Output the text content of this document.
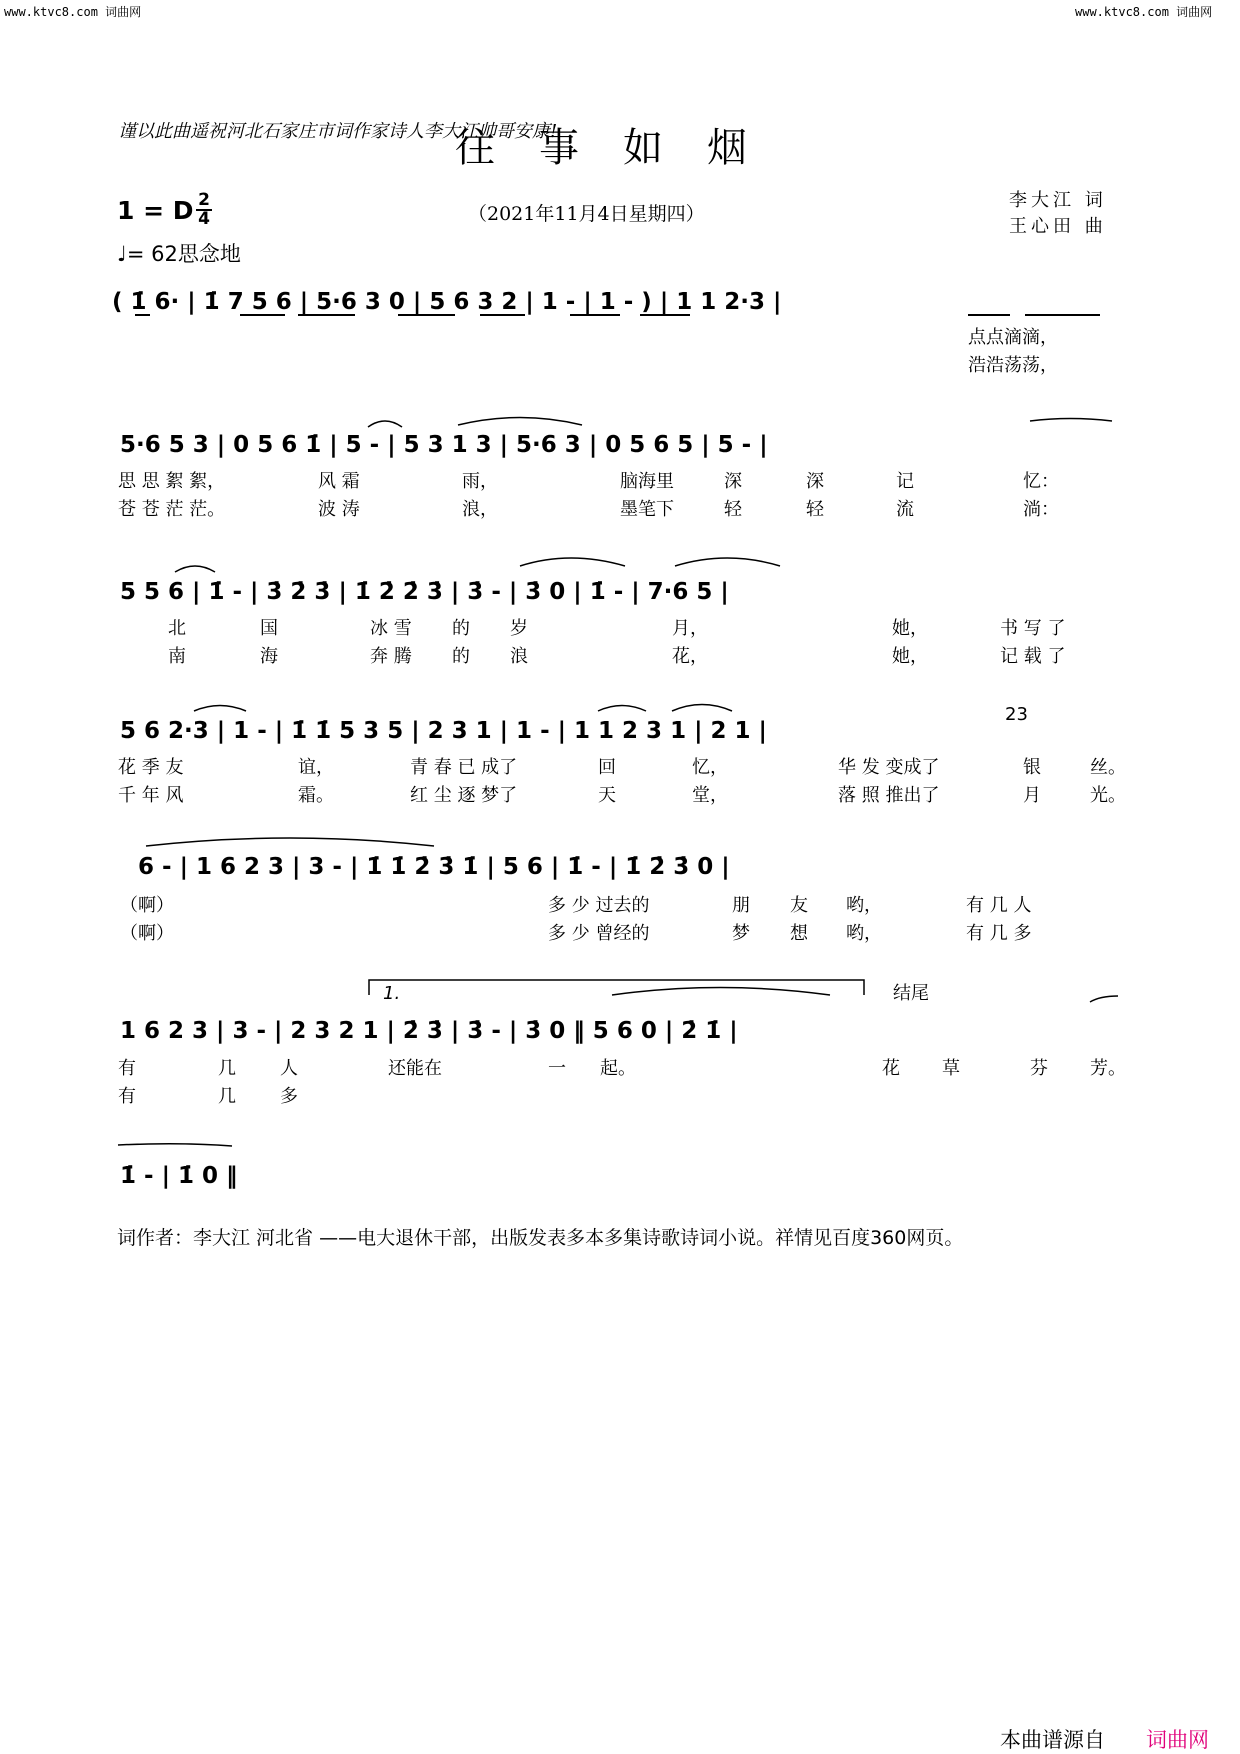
www.ktvc8.com 词曲网	www.ktvc8.com 词曲网
谨以此曲遥祝河北石家庄市词作家诗人李大江帅哥安康!
往事如烟
1 = D 2
4
♩= 62思念地
（2021年11月4日星期四）
李大江 词
王心田 曲
( 1̇ 6· | 1̇ 7 5 6 | 5·6 3 0 | 5 6 3 2 | 1 - | 1 - ) | 1 1 2·3 |
点点滴滴，
浩浩荡荡，
5·6 5 3 | 0 5 6 1̇ | 5 - | 5 3 1 3 | 5·6 3 | 0 5 6 5 | 5 - |
思 思 絮 絮，	风 霜	雨，	脑海里	深	深	记	忆：
苍 苍 茫 茫。	波 涛	浪，	墨笔下	轻	轻	流	淌：
5 5 6 | 1̇ - | 3̇ 2̇ 3̇ | 1̇ 2̇ 2̇ 3̇ | 3̇ - | 3̇ 0 | 1̇ - | 7·6 5 |
北	国	冰 雪 的 岁	月，	她，	书 写 了
南	海	奔 腾 的 浪	花，	她，	记 载 了
5 6 2·3 | 1 - | 1̇ 1̇ 5 3 5 | 2 3 1 | 1 - | 1 1 2 3 1 | 2 1 |
23
花 季 友	谊，	青 春 已 成了	回	忆，	华 发 变成了	银	丝。
千 年 风	霜。	红 尘 逐 梦了	天	堂，	落 照 推出了	月	光。
6 - | 1 6 2 3 | 3 - | 1̇ 1̇ 2̇ 3̇ 1̇ | 5 6 | 1̇ - | 1̇ 2̇ 3̇ 0 |
（啊）	多 少 过去的	朋 友 哟，	有 几 人
（啊）	多 少 曾经的	梦 想 哟，	有 几 多
1.	结尾
1 6 2 3 | 3 - | 2 3 2 1 | 2̇ 3̇ | 3̇ - | 3̇ 0 ‖ 5 6 0 | 2̇ 1̇ |
有	几 人	还能在	一 起。	花 草	芬 芳。
有	几 多
1̇ - | 1̇ 0 ‖
词作者：李大江 河北省 ——电大退休干部，出版发表多本多集诗歌诗词小说。祥情见百度360网页。
本曲谱源自 词曲网
